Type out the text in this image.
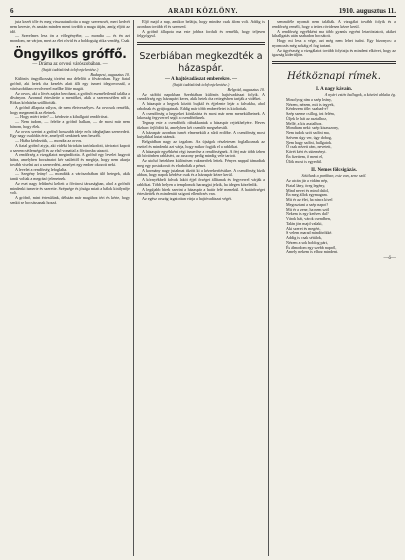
6	ARADI KÖZLÖNY.	1910. augusztus 11.

juta kezét tőle és meg visszautasította a nagy szerencsét, mert kedvét nem kereste, és azután minden ment tovább a maga útján, amíg eljött az idő.

— Szerelmes lesz ön a vőlegényébe, — mondta — és én azt mondom, ne várjon, mert az élet rövid és a boldogság ritka vendég. Csak

Öngyilkos gróffő.

— Dráma az orvosi várószobában. —

(Saját tudósítónk telefonjelentése.)

Budapest, augusztus 10.

Különös öngyilkosság történt ma délelőtt a fővárosban. Egy fiatal grófnő, aki hetek óta kezelés alatt állt egy ismert idegorvosnál, a várószobában revolverrel mellbe lőtte magát.

Az orvos, aki a lövés zajára berohant, a grófnőt eszméletlenül találta a díványon. Azonnal értesítette a mentőket, akik a szerencsétlen nőt a Rókus kórházba szállították.

A grófnő állapota súlyos, de nem életveszélyes. Az orvosok remélik, hogy megmentik az életnek.

— Hogy miért tette? — kérdezte a kihallgató rendőrtiszt.

— Nem tudom, — felelte a grófnő halkan, — de most már nem bánom, hogy élek.

Az orvos szerint a grófnő hosszabb ideje erős idegbajban szenvedett. Egy nagy csalódás érte, amelyről senkinek sem beszélt.

— Hiába kérdeztük, — mondta az orvos.

A fiatal grófnő atyja, aki vidéki birtokán tartózkodott, táviratot kapott a szerencsétlenségről és az első vonattal a fővárosba utazott.

A rendőrség a vizsgálatot megindította. A grófnő egy levelet hagyott hátra, amelyben bocsánatot kér szüleitől és megírja, hogy nem akarja tovább viselni azt a szenvedést, amelyet egy ember okozott neki.

A levelet a rendőrség lefoglalta.

— Szegény leány! — mondták a várószobában ülő betegek, akik tanúi voltak a megrázó jelenetnek.

Az eset nagy feltűnést keltett a fővárosi társaságban, ahol a grófnőt mindenki ismerte és szerette. Szépsége és jósága miatt a bálok királynője volt.

A grófnő, mint értesülünk, délután már magához tért és kérte, hogy senkit se bocsássanak hozzá.

Eljő majd a nap, amikor belátja, hogy mindez csak álom volt. Addig is azonban tovább él és szenved.

A grófnő állapota ma este jobbra fordult és remélik, hogy teljesen felgyógyul.

Szerbiában megkezdték a házaspár.

— A hajtóvadászat emberekre. —

(Saját tudósítónk telefonjelentése.)

Belgrád, augusztus 10.

Az utóbbi napokban Szerbiában különös hajtóvadászat folyik. A csendőrség egy házaspárt keres, akik hetek óta rettegésben tartják a vidéket.

A házaspár a hegyek között bujkál és éjjelente lejár a falvakba, ahol rabolnak és gyújtogatnak. Eddig már több emberéletet is kioltottak.

A csendőrség a hegyeket körülzárta és most már nem menekülhetnek. A lakosság fegyverrel segít a csendőröknek.

Tegnap este a csendőrök rábukkantak a házaspár rejtekhelyére. Heves tűzharc fejlődött ki, amelyben két csendőr megsebesült.

A házaspár azonban ismét elmenekült a sűrű erdőbe. A csendőrség most kutyákkal kutat utánuk.

Belgrádban nagy az izgalom. Az újságok részletesen foglalkoznak az esettel és mindenki azt várja, hogy mikor fogják el a rablókat.

A házaspár egyébként régi ismerőse a rendőrségnek. A férj már több ízben ült börtönben rablásért, az asszony pedig mindig vele tartott.

Az utolsó hetekben különösen vakmerőek lettek. Fényes nappal támadtak meg egy postakocsit és elrabolták a pénzt.

A kormány nagy jutalmat tűzött ki a kézrekerítésükre. A csendőrség bízik abban, hogy napok kérdése csak és a házaspár kézre kerül.

A környékbeli falvak lakói éjjel őrséget állítanak és fegyverrel várják a rablókat. Több helyen a templomok harangjai jelzik, ha idegen közeledik.

A legújabb hírek szerint a házaspár a határ felé menekül. A határőrséget értesítették és mindenütt szigorú ellenőrzés van.

Az egész ország izgatottan várja a hajtóvadászat végét.

semmiféle nyomát nem találták. A vizsgálat tovább folyik és a rendőrség reméli, hogy a tettes rövidesen kézre kerül.

A rendőrség egyébként ma több gyanús egyént letartóztatott, akiket kihallgatás után szabadon bocsátott.

Hogy mi lesz a vége, azt még nem lehet tudni. Egy bizonyos: a nyomozás még sokáig el fog tartani.

Az ügyészség a vizsgálatot tovább folytatja és mindent elkövet, hogy az igazság kiderüljön.

Hétköznapi rímek.
I. A nagy kávain.

A nyári estén ballagok, a kávézó ablaka ég.

Mosolyog rám a szép leány,

Nézem, nézem, mit is tegyek,

Kérdezem tőle: szabad-e?

Szép szeme csillog, int felém,

Üljek le hát az asztalhoz,

Mellé, a kis asztalhoz.

Mondtam neki: szép kisasszony,

Nem tudok szót szólni ma,

Szívem úgy ver, úgy dobog,

Nem hagy szólni, hallgatok.

Ő csak nézett rám, nevetett,

Kávét kért és süteményt.

Én fizettem, ő ment el,

Ülök most is egyedül.

II. Nemes fölcsigázás.

Sétálunk a parkban, este van, zene szól.

Az utcán jár a vidám nép,

Fiatal lány, öreg legény,

Mind nevet és mind dalol,

Én meg állok egymagam.

Mit ér az élet, ha nincs kivel

Megosztani a szép napot?

Mit ér a zene, ha nem szól

Nekem is egy kedves dal?

Várok hát, várok csendben,

Talán jön majd valaki,

Aki szeret és megért,

S velem marad mindörökké.

Addig is csak sétálok,

Nézem a sok boldog párt,

És álmodom egy szebb napról,

Amely nekem is elhoz mindent.

—ő—
